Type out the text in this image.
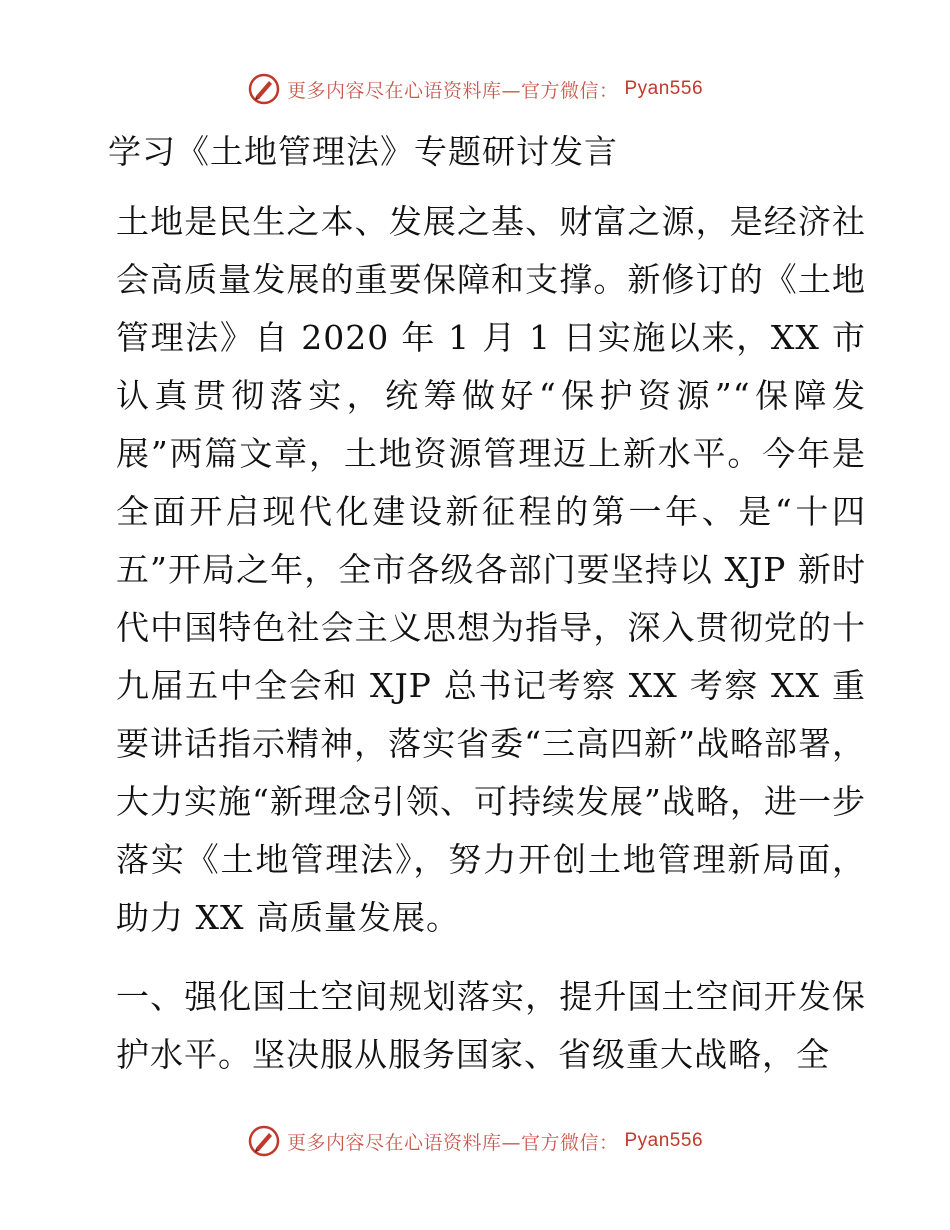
更多内容尽在心语资料库—官方微信： Pyan556
学习《土地管理法》专题研讨发言
土地是民生之本、发展之基、财富之源，是经济社会高质量发展的重要保障和支撑。新修订的《土地管理法》自 2020 年 1 月 1 日实施以来，XX 市认真贯彻落实，统筹做好“保护资源”“保障发展”两篇文章，土地资源管理迈上新水平。今年是全面开启现代化建设新征程的第一年、是“十四五”开局之年，全市各级各部门要坚持以 XJP 新时代中国特色社会主义思想为指导，深入贯彻党的十九届五中全会和 XJP 总书记考察 XX 考察 XX 重要讲话指示精神，落实省委“三高四新”战略部署，大力实施“新理念引领、可持续发展”战略，进一步落实《土地管理法》，努力开创土地管理新局面，助力 XX 高质量发展。
一、强化国土空间规划落实，提升国土空间开发保护水平。坚决服从服务国家、省级重大战略，全
更多内容尽在心语资料库—官方微信： Pyan556
